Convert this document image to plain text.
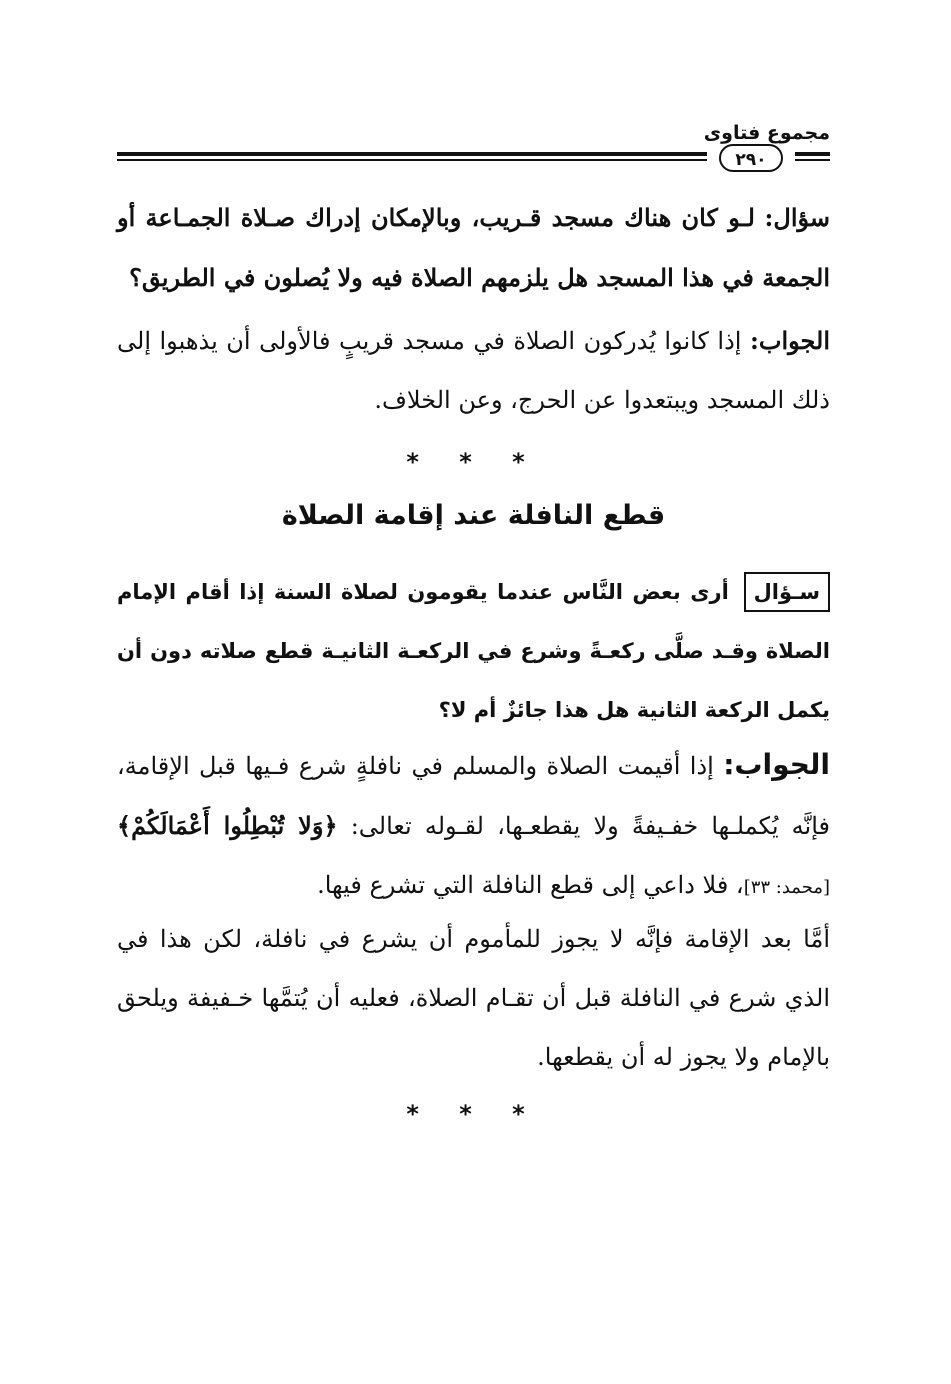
مجموع فتاوى
٢٩٠
سؤال: لـو كان هناك مسجد قـريب، وبالإمكان إدراك صـلاة الجمـاعة أو الجمعة في هذا المسجد هل يلزمهم الصلاة فيه ولا يُصلون في الطريق؟
الجواب: إذا كانوا يُدركون الصلاة في مسجد قريبٍ فالأولى أن يذهبوا إلى ذلك المسجد ويبتعدوا عن الحرج، وعن الخلاف.
* * *
قطع النافلة عند إقامة الصلاة
سـؤال أرى بعض النَّاس عندما يقومون لصلاة السنة إذا أقام الإمام الصلاة وقـد صلَّى ركعـةً وشرع في الركعـة الثانيـة قطع صلاته دون أن يكمل الركعة الثانية هل هذا جائزٌ أم لا؟
الجواب: إذا أقيمت الصلاة والمسلم في نافلةٍ شرع فـيها قبل الإقامة، فإنَّه يُكملـها خفـيفةً ولا يقطعـها، لقـوله تعالى: ﴿وَلا تُبْطِلُوا أَعْمَالَكُمْ﴾ [محمد: ٣٣]، فلا داعي إلى قطع النافلة التي تشرع فيها.
أمَّا بعد الإقامة فإنَّه لا يجوز للمأموم أن يشرع في نافلة، لكن هذا في الذي شرع في النافلة قبل أن تقـام الصلاة، فعليه أن يُتمَّها خـفيفة ويلحق بالإمام ولا يجوز له أن يقطعها.
* * *
